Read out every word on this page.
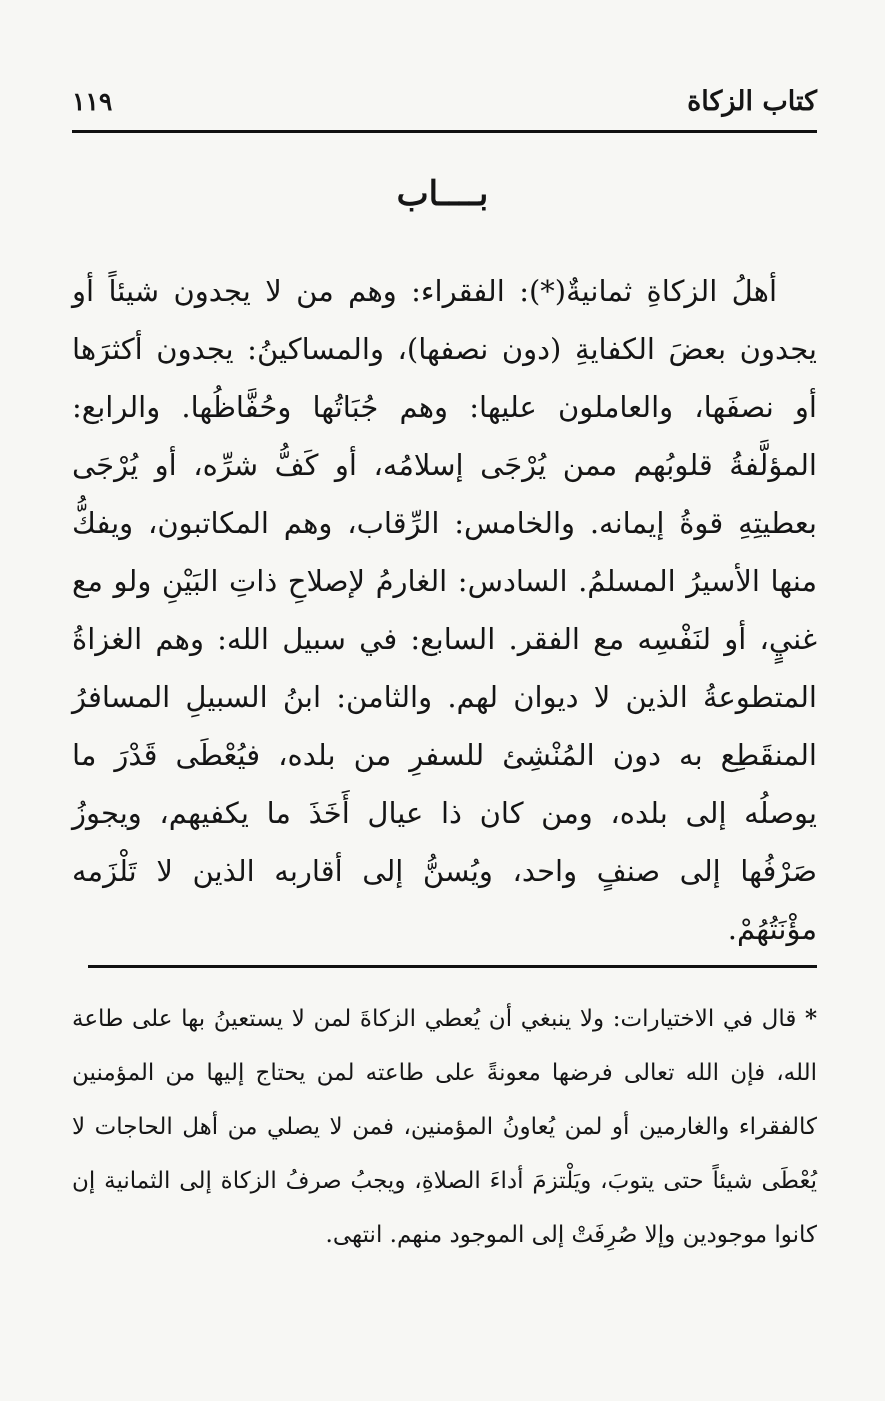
كتاب الزكاة
١١٩
بــــاب

أهلُ الزكاةِ ثمانيةٌ(*): الفقراء: وهم من لا يجدون شيئاً أو يجدون بعضَ الكفايةِ (دون نصفها)، والمساكينُ: يجدون أكثرَها أو نصفَها، والعاملون عليها: وهم جُبَاتُها وحُفَّاظُها. والرابع: المؤلَّفةُ قلوبُهم ممن يُرْجَى إسلامُه، أو كَفُّ شرِّه، أو يُرْجَى بعطيتِهِ قوةُ إيمانه. والخامس: الرِّقاب، وهم المكاتبون، ويفكُّ منها الأسيرُ المسلمُ. السادس: الغارمُ لإصلاحِ ذاتِ البَيْنِ ولو مع غنيٍ، أو لنَفْسِه مع الفقر. السابع: في سبيل الله: وهم الغزاةُ المتطوعةُ الذين لا ديوان لهم. والثامن: ابنُ السبيلِ المسافرُ المنقَطِع به دون المُنْشِئ للسفرِ من بلده، فيُعْطَى قَدْرَ ما يوصلُه إلى بلده، ومن كان ذا عيال أَخَذَ ما يكفيهم، ويجوزُ صَرْفُها إلى صنفٍ واحد، ويُسنُّ إلى أقاربه الذين لا تَلْزَمه مؤْنَتُهُمْ.

* قال في الاختيارات: ولا ينبغي أن يُعطي الزكاةَ لمن لا يستعينُ بها على طاعة الله، فإن الله تعالى فرضها معونةً على طاعته لمن يحتاج إليها من المؤمنين كالفقراء والغارمين أو لمن يُعاونُ المؤمنين، فمن لا يصلي من أهل الحاجات لا يُعْطَى شيئاً حتى يتوبَ، ويَلْتزمَ أداءَ الصلاةِ، ويجبُ صرفُ الزكاة إلى الثمانية إن كانوا موجودين وإلا صُرِفَتْ إلى الموجود منهم. انتهى.
